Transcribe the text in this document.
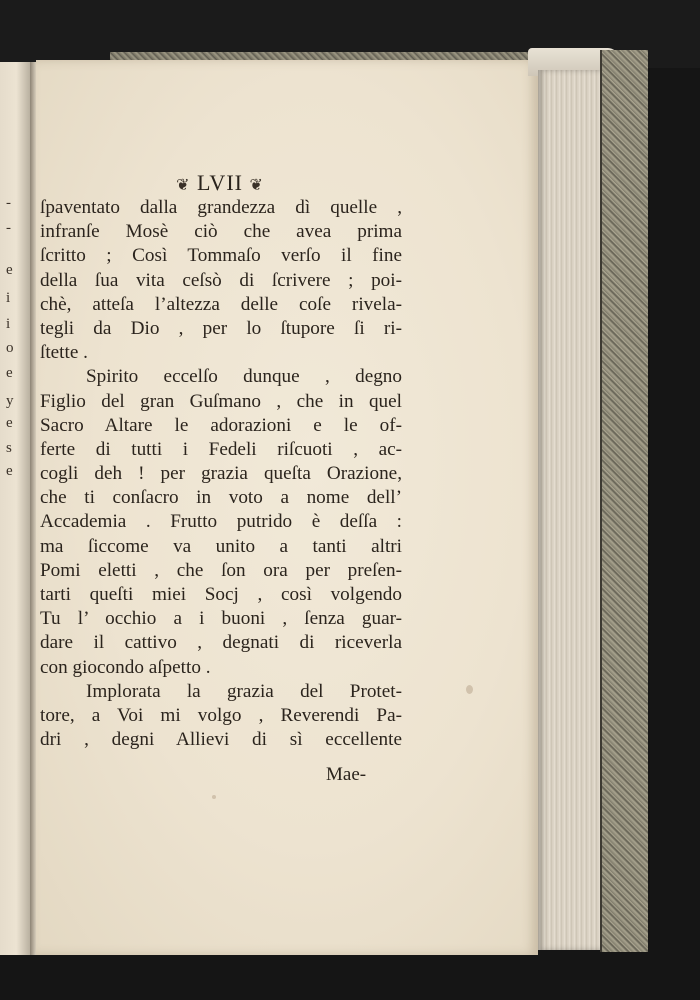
-
-
e
i
i
o
e
y
e
s
e
❦ LVII ❦
ſpaventato dalla grandezza dì quelle ,
infranſe Mosè ciò che avea prima
ſcritto ; Così Tommaſo verſo il fine
della ſua vita ceſsò di ſcrivere ; poi-
chè, atteſa l’altezza delle coſe rivela-
tegli da Dio , per lo ſtupore ſi ri-
ſtette .
Spirito eccelſo dunque , degno
Figlio del gran Guſmano , che in quel
Sacro Altare le adorazioni e le of-
ferte di tutti i Fedeli riſcuoti , ac-
cogli deh ! per grazia queſta Orazione,
che ti conſacro in voto a nome dell’
Accademia . Frutto putrido è deſſa :
ma ſiccome va unito a tanti altri
Pomi eletti , che ſon ora per preſen-
tarti queſti miei Socj , così volgendo
Tu l’ occhio a i buoni , ſenza guar-
dare il cattivo , degnati di riceverla
con giocondo aſpetto .
Implorata la grazia del Protet-
tore, a Voi mi volgo , Reverendi Pa-
dri , degni Allievi di sì eccellente
Mae-
